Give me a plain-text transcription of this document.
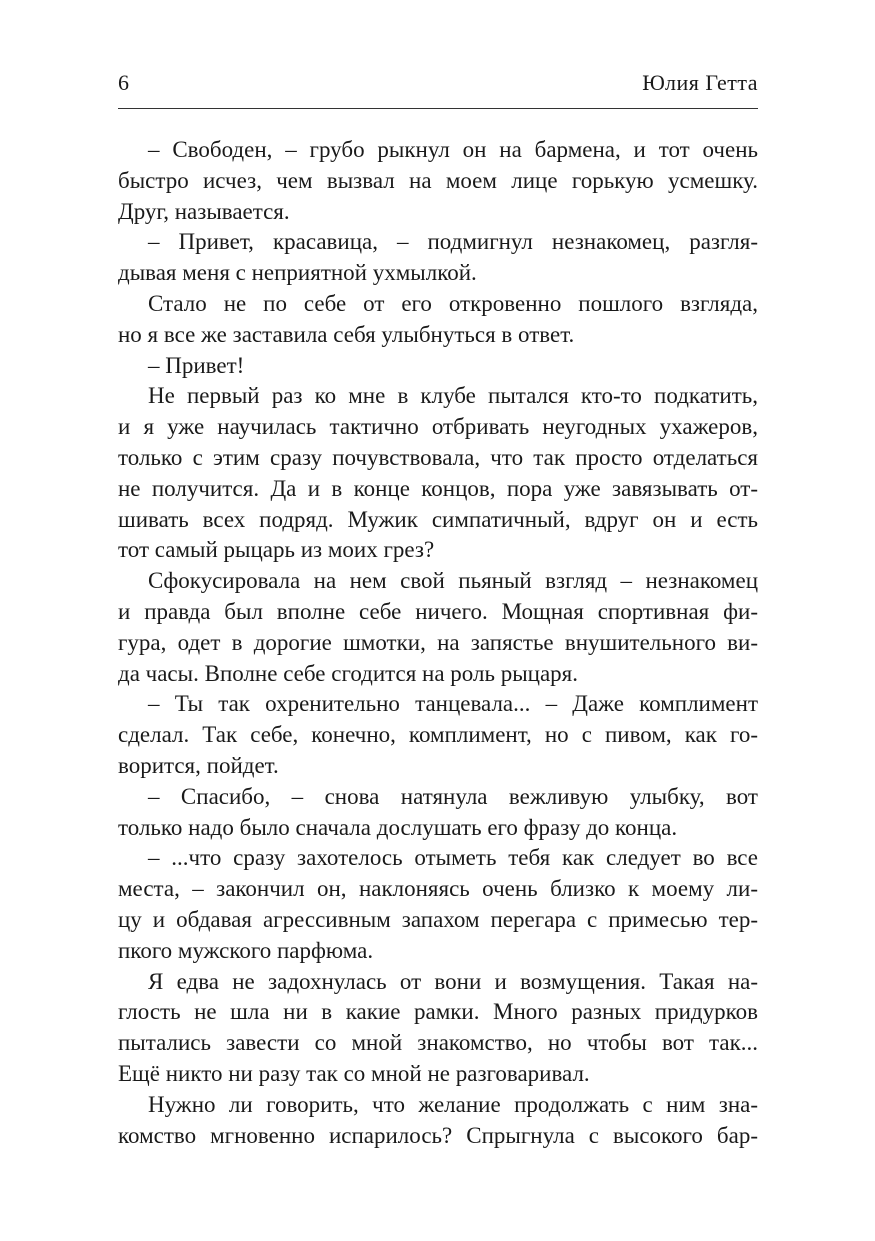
6	Юлия Гетта
– Свободен, – грубо рыкнул он на бармена, и тот очень
быстро исчез, чем вызвал на моем лице горькую усмешку.
Друг, называется.
– Привет, красавица, – подмигнул незнакомец, разгля-
дывая меня с неприятной ухмылкой.
Стало не по себе от его откровенно пошлого взгляда,
но я все же заставила себя улыбнуться в ответ.
– Привет!
Не первый раз ко мне в клубе пытался кто-то подкатить,
и я уже научилась тактично отбривать неугодных ухажеров,
только с этим сразу почувствовала, что так просто отделаться
не получится. Да и в конце концов, пора уже завязывать от-
шивать всех подряд. Мужик симпатичный, вдруг он и есть
тот самый рыцарь из моих грез?
Сфокусировала на нем свой пьяный взгляд – незнакомец
и правда был вполне себе ничего. Мощная спортивная фи-
гура, одет в дорогие шмотки, на запястье внушительного ви-
да часы. Вполне себе сгодится на роль рыцаря.
– Ты так охренительно танцевала... – Даже комплимент
сделал. Так себе, конечно, комплимент, но с пивом, как го-
ворится, пойдет.
– Спасибо, – снова натянула вежливую улыбку, вот
только надо было сначала дослушать его фразу до конца.
– ...что сразу захотелось отыметь тебя как следует во все
места, – закончил он, наклоняясь очень близко к моему ли-
цу и обдавая агрессивным запахом перегара с примесью тер-
пкого мужского парфюма.
Я едва не задохнулась от вони и возмущения. Такая на-
глость не шла ни в какие рамки. Много разных придурков
пытались завести со мной знакомство, но чтобы вот так...
Ещё никто ни разу так со мной не разговаривал.
Нужно ли говорить, что желание продолжать с ним зна-
комство мгновенно испарилось? Спрыгнула с высокого бар-
